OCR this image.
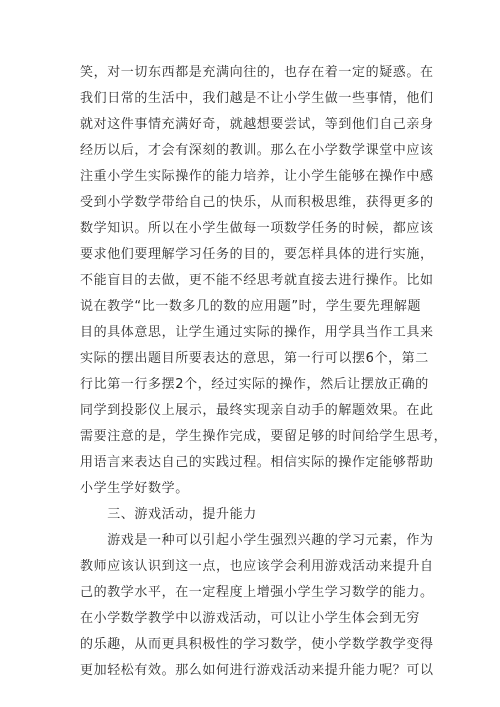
笑，对一切东西都是充满向往的，也存在着一定的疑惑。在
我们日常的生活中，我们越是不让小学生做一些事情，他们
就对这件事情充满好奇，就越想要尝试，等到他们自己亲身
经历以后，才会有深刻的教训。那么在小学数学课堂中应该
注重小学生实际操作的能力培养，让小学生能够在操作中感
受到小学数学带给自己的快乐，从而积极思维，获得更多的
数学知识。所以在小学生做每一项数学任务的时候，都应该
要求他们要理解学习任务的目的，要怎样具体的进行实施，
不能盲目的去做，更不能不经思考就直接去进行操作。比如
说在教学“比一数多几的数的应用题”时，学生要先理解题
目的具体意思，让学生通过实际的操作，用学具当作工具来
实际的摆出题目所要表达的意思，第一行可以摆6个，第二
行比第一行多摆2个，经过实际的操作，然后让摆放正确的
同学到投影仪上展示，最终实现亲自动手的解题效果。在此
需要注意的是，学生操作完成，要留足够的时间给学生思考，
用语言来表达自己的实践过程。相信实际的操作定能够帮助
小学生学好数学。
　　三、游戏活动，提升能力
　　游戏是一种可以引起小学生强烈兴趣的学习元素，作为
教师应该认识到这一点，也应该学会利用游戏活动来提升自
己的教学水平，在一定程度上增强小学生学习数学的能力。
在小学数学教学中以游戏活动，可以让小学生体会到无穷
的乐趣，从而更具积极性的学习数学，使小学数学教学变得
更加轻松有效。那么如何进行游戏活动来提升能力呢？可以
